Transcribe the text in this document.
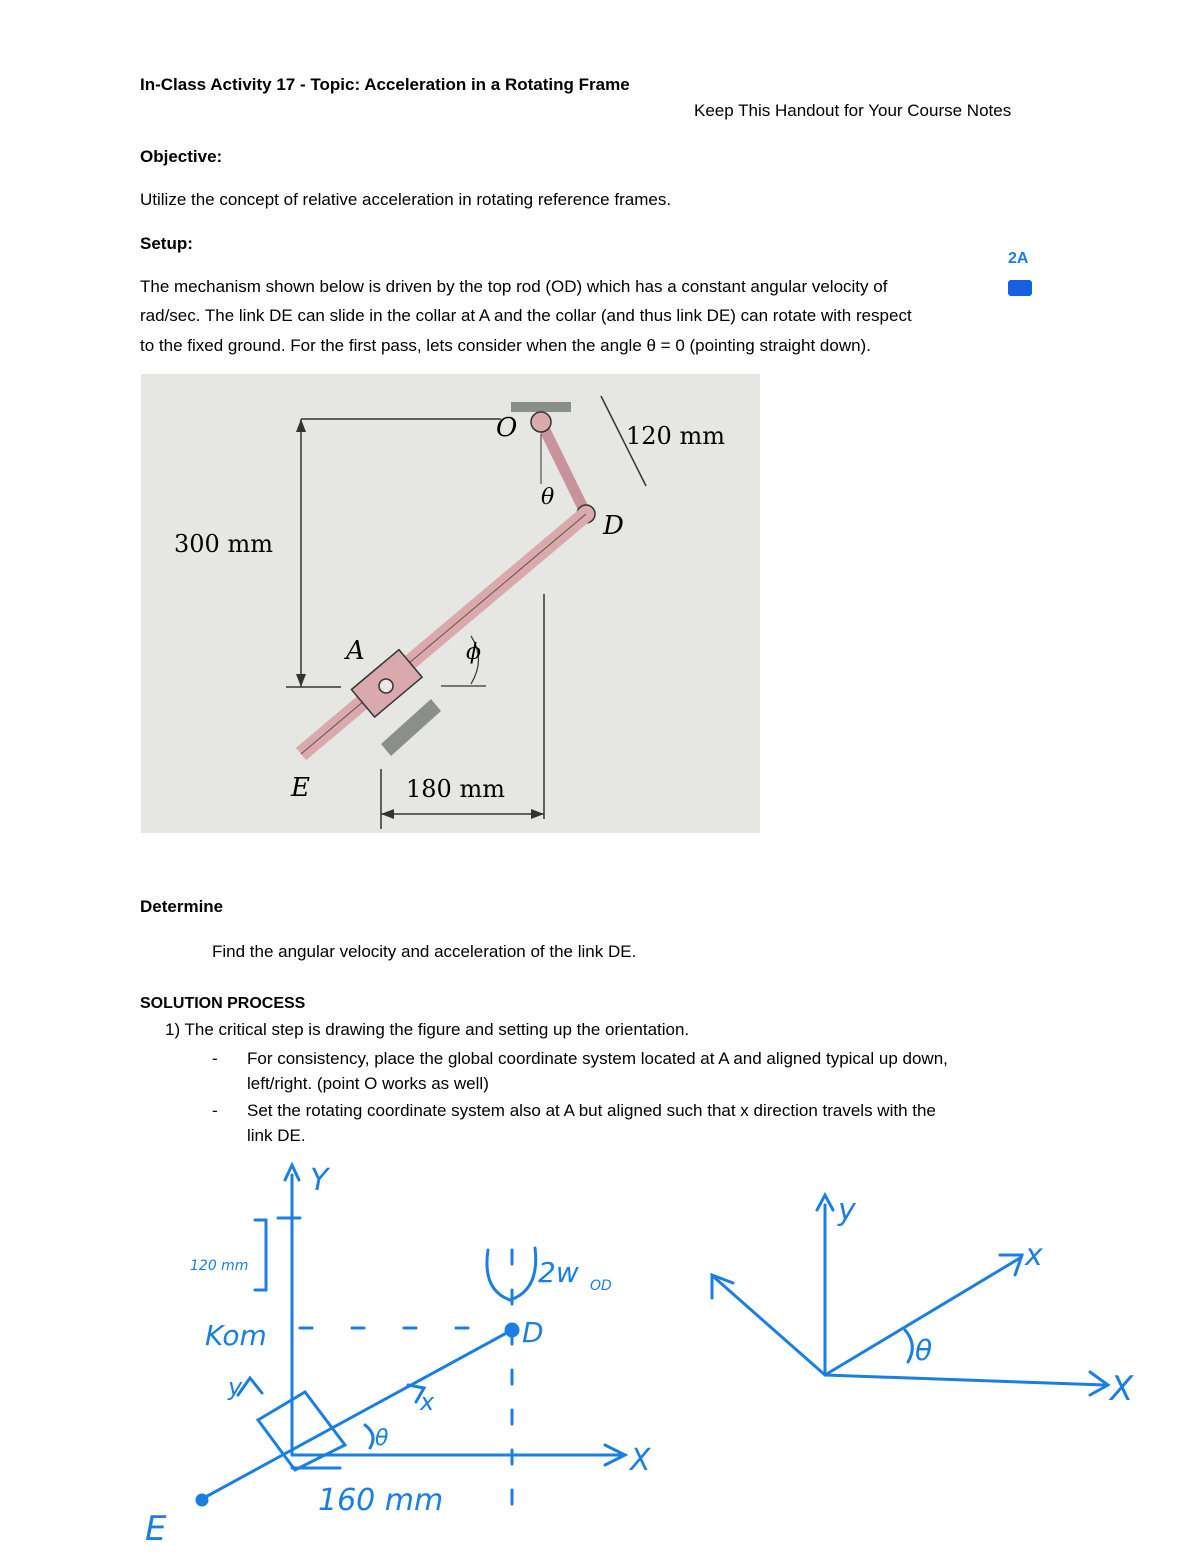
In-Class Activity 17 - Topic: Acceleration in a Rotating Frame
Keep This Handout for Your Course Notes
Objective:
Utilize the concept of relative acceleration in rotating reference frames.
Setup:
The mechanism shown below is driven by the top rod (OD) which has a constant angular velocity of
rad/sec. The link DE can slide in the collar at A and the collar (and thus link DE) can rotate with respect
to the fixed ground. For the first pass, lets consider when the angle θ = 0 (pointing straight down).
2A
O
θ
D
A	ϕ
E
120 mm
300 mm
180 mm
Determine
Find the angular velocity and acceleration of the link DE.
SOLUTION PROCESS
1) The critical step is drawing the figure and setting up the orientation.
- For consistency, place the global coordinate system located at A and aligned typical up down,
left/right. (point O works as well)
- Set the rotating coordinate system also at A but aligned such that x direction travels with the
link DE.
Y
120 mm
Kom
y
x
θ
160 mm
X
2w OD
D
E
y
x
θ
X
